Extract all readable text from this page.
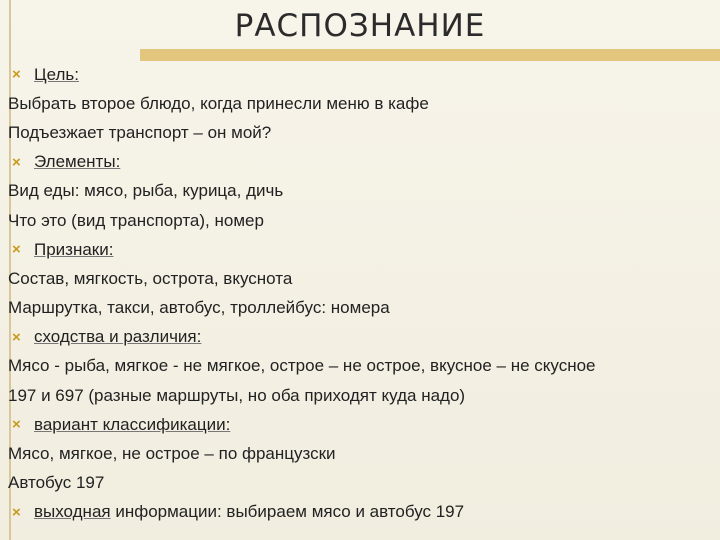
РАСПОЗНАНИЕ
× Цель:
Выбрать второе блюдо, когда принесли меню в кафе
Подъезжает транспорт – он мой?
× Элементы:
Вид еды: мясо, рыба, курица, дичь
Что это (вид транспорта), номер
× Признаки:
Состав, мягкость, острота, вкуснота
Маршрутка, такси, автобус, троллейбус: номера
× сходства и различия:
Мясо - рыба, мягкое - не мягкое, острое – не острое, вкусное – не скусное
197 и 697 (разные маршруты, но оба приходят куда надо)
× вариант классификации:
Мясо, мягкое, не острое – по французски
Автобус 197
× выходная информации: выбираем мясо и автобус 197
